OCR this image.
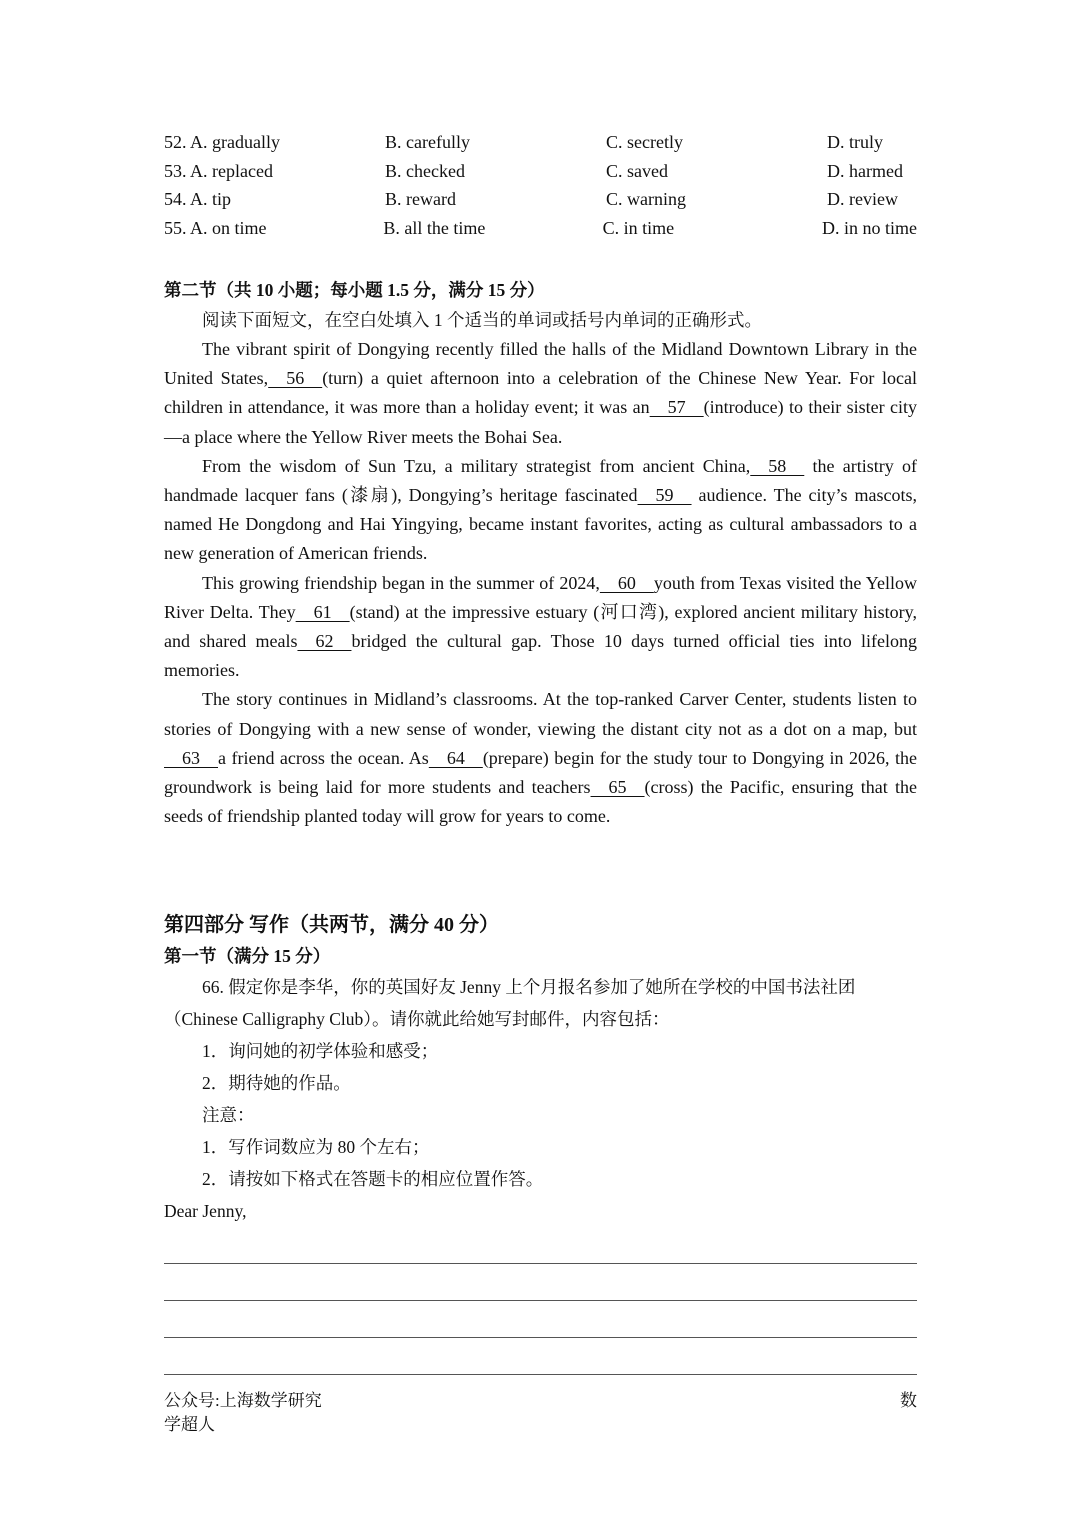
52. A. gradually	B. carefully	C. secretly	D. truly
53. A. replaced	B. checked	C. saved	D. harmed
54. A. tip	B. reward	C. warning	D. review
55. A. on time	B. all the time	C. in time	D. in no time
第二节（共 10 小题；每小题 1.5 分，满分 15 分）
阅读下面短文，在空白处填入 1 个适当的单词或括号内单词的正确形式。

The vibrant spirit of Dongying recently filled the halls of the Midland Downtown Library in the United States,    56    (turn) a quiet afternoon into a celebration of the Chinese New Year. For local children in attendance, it was more than a holiday event; it was an    57    (introduce) to their sister city—a place where the Yellow River meets the Bohai Sea.

From the wisdom of Sun Tzu, a military strategist from ancient China,    58     the artistry of handmade lacquer fans (漆扇), Dongying’s heritage fascinated    59     audience. The city’s mascots, named He Dongdong and Hai Yingying, became instant favorites, acting as cultural ambassadors to a new generation of American friends.

This growing friendship began in the summer of 2024,    60    youth from Texas visited the Yellow River Delta. They    61    (stand) at the impressive estuary (河口湾), explored ancient military history, and shared meals    62    bridged the cultural gap. Those 10 days turned official ties into lifelong memories.

The story continues in Midland’s classrooms. At the top-ranked Carver Center, students listen to stories of Dongying with a new sense of wonder, viewing the distant city not as a dot on a map, but    63    a friend across the ocean. As    64    (prepare) begin for the study tour to Dongying in 2026, the groundwork is being laid for more students and teachers    65    (cross) the Pacific, ensuring that the seeds of friendship planted today will grow for years to come.

第四部分 写作（共两节，满分 40 分）
第一节（满分 15 分）
66. 假定你是李华，你的英国好友 Jenny 上个月报名参加了她所在学校的中国书法社团（Chinese Calligraphy Club）。请你就此给她写封邮件，内容包括：
1．询问她的初学体验和感受；
2．期待她的作品。
注意：
1．写作词数应为 80 个左右；
2．请按如下格式在答题卡的相应位置作答。
Dear Jenny,
公众号:上海数学研究
学超人
数
